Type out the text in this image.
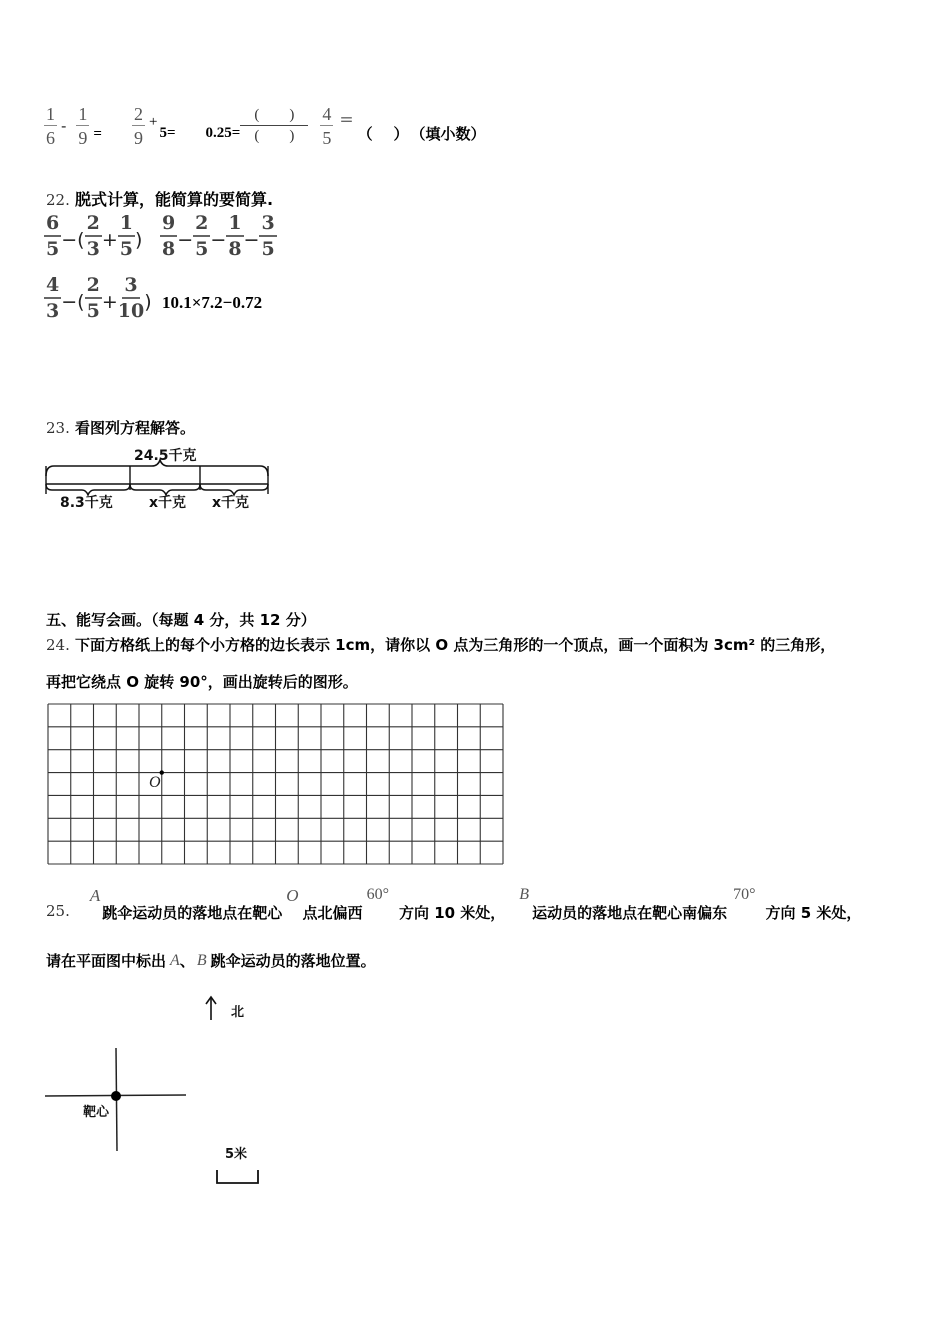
$\frac{1}{6} - \frac{1}{9} = \frac{2}{9}$ +
$5= 0.25= \frac{( )}{( )} \frac{4}{5}$ =
（    ） （填小数）
22. 脱式计算，能简算的要简算.
$\frac{6}{5}$ −( $\frac{2}{3} + \frac{1}{5}$ ) $\frac{9}{8} - \frac{2}{5} - \frac{1}{8} - \frac{3}{5}$
$\frac{4}{3}$ −( $\frac{2}{5} + \frac{3}{10}$ ) 10.1×7.2−0.72
23. 看图列方程解答。
24.5千克
8.3千克	x千克 x千克
五、能写会画。（每题 4 分，共 12 分）
24. 下面方格纸上的每个小方格的边长表示 1cm，请你以 O 点为三角形的一个顶点，画一个面积为 3cm² 的三角形，
再把它绕点 O 旋转 90°，画出旋转后的图形。
O
25.
A
跳伞运动员的落地点在靶心
O
点北偏西
60°
方向 10 米处，
B
运动员的落地点在靶心南偏东
70°
方向 5 米处，
请在平面图中标出 A 、 B 跳伞运动员的落地位置。
北
靶心
5米
